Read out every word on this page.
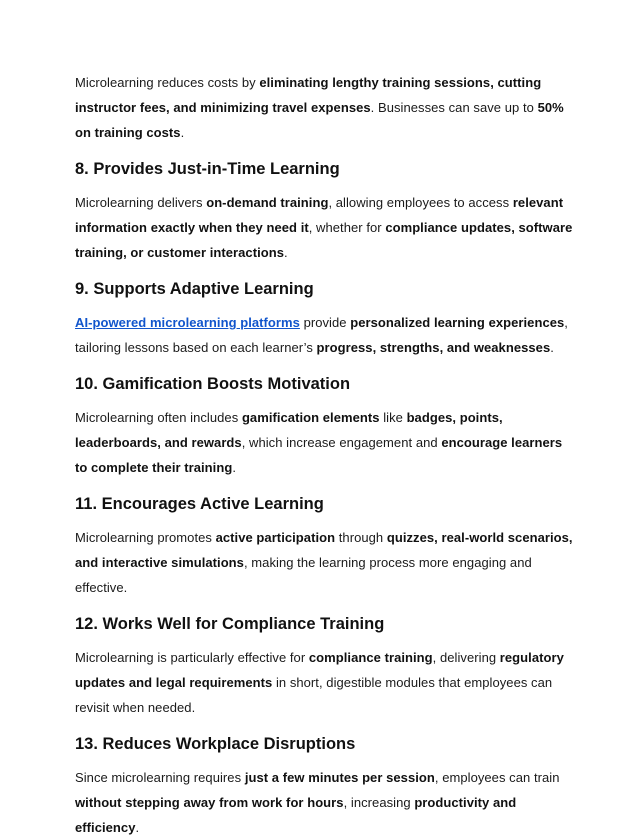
Microlearning reduces costs by eliminating lengthy training sessions, cutting instructor fees, and minimizing travel expenses. Businesses can save up to 50% on training costs.

8. Provides Just-in-Time Learning

Microlearning delivers on-demand training, allowing employees to access relevant information exactly when they need it, whether for compliance updates, software training, or customer interactions.

9. Supports Adaptive Learning

AI-powered microlearning platforms provide personalized learning experiences, tailoring lessons based on each learner’s progress, strengths, and weaknesses.

10. Gamification Boosts Motivation

Microlearning often includes gamification elements like badges, points, leaderboards, and rewards, which increase engagement and encourage learners to complete their training.

11. Encourages Active Learning

Microlearning promotes active participation through quizzes, real-world scenarios, and interactive simulations, making the learning process more engaging and effective.

12. Works Well for Compliance Training

Microlearning is particularly effective for compliance training, delivering regulatory updates and legal requirements in short, digestible modules that employees can revisit when needed.

13. Reduces Workplace Disruptions

Since microlearning requires just a few minutes per session, employees can train without stepping away from work for hours, increasing productivity and efficiency.
